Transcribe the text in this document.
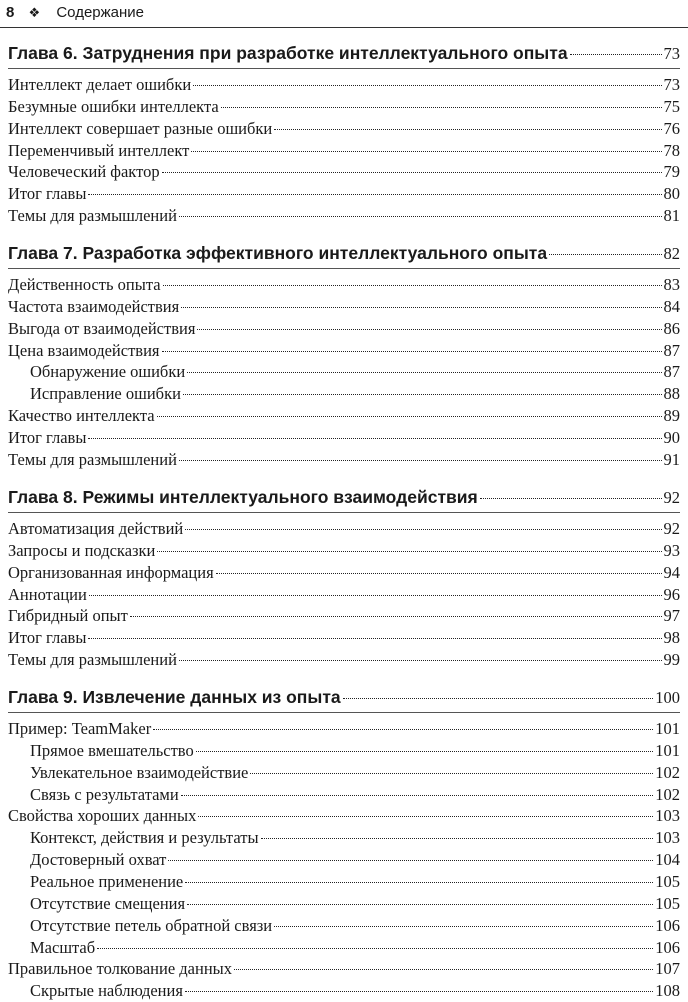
8 ❖ Содержание
Глава 6. Затруднения при разработке интеллектуального опыта	73
Интеллект делает ошибки	73
Безумные ошибки интеллекта	75
Интеллект совершает разные ошибки	76
Переменчивый интеллект	78
Человеческий фактор	79
Итог главы	80
Темы для размышлений	81
Глава 7. Разработка эффективного интеллектуального опыта	82
Действенность опыта	83
Частота взаимодействия	84
Выгода от взаимодействия	86
Цена взаимодействия	87
Обнаружение ошибки	87
Исправление ошибки	88
Качество интеллекта	89
Итог главы	90
Темы для размышлений	91
Глава 8. Режимы интеллектуального взаимодействия	92
Автоматизация действий	92
Запросы и подсказки	93
Организованная информация	94
Аннотации	96
Гибридный опыт	97
Итог главы	98
Темы для размышлений	99
Глава 9. Извлечение данных из опыта	100
Пример: TeamMaker	101
Прямое вмешательство	101
Увлекательное взаимодействие	102
Связь с результатами	102
Свойства хороших данных	103
Контекст, действия и результаты	103
Достоверный охват	104
Реальное применение	105
Отсутствие смещения	105
Отсутствие петель обратной связи	106
Масштаб	106
Правильное толкование данных	107
Скрытые наблюдения	108
